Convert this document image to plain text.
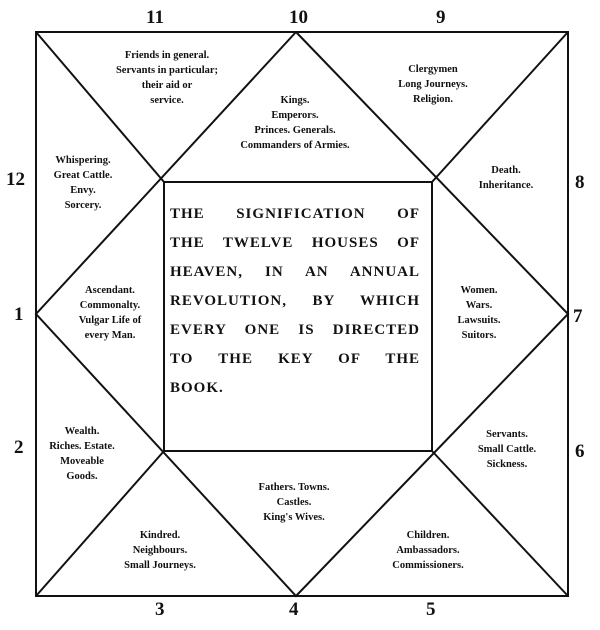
11	10	9
12	8
1	7
2	6
3	4	5
Friends in general.
Servants in particular;
their aid or
service.	Kings.
Emperors.
Princes. Generals.
Commanders of Armies.
Clergymen
Long Journeys.
Religion.
Whispering.
Great Cattle.
Envy.
Sorcery.
Death.
Inheritance.
Ascendant.
Commonalty.
Vulgar Life of
every Man.
Women.
Wars.
Lawsuits.
Suitors.
Wealth.
Riches. Estate.
Moveable
Goods.
Servants.
Small Cattle.
Sickness.
Fathers. Towns.
Castles.
King's Wives.
Kindred.
Neighbours.
Small Journeys.
Children.
Ambassadors.
Commissioners.
THE SIGNIFICATION OF
THE TWELVE HOUSES OF
HEAVEN, IN AN ANNUAL
REVOLUTION, BY WHICH
EVERY ONE IS DIRECTED
TO THE KEY OF THE
BOOK.
